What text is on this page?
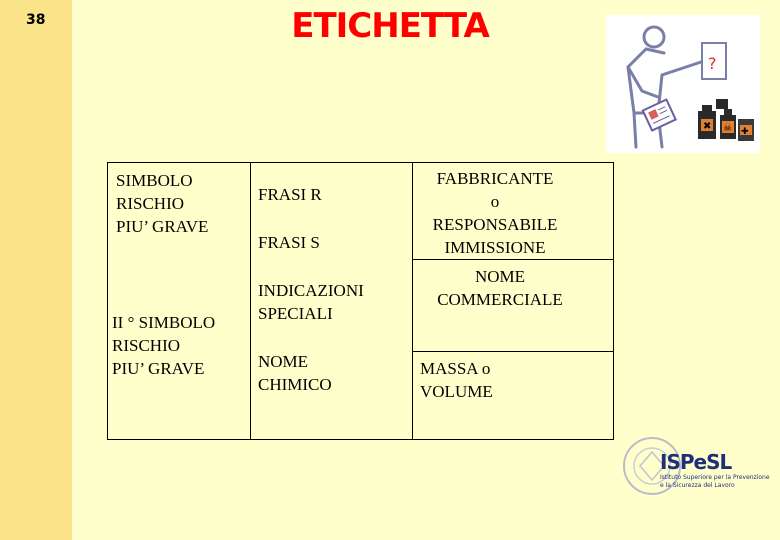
38	ETICHETTA
?
✖ ☠ ✚
SIMBOLO
RISCHIO
PIU’ GRAVE
II ° SIMBOLO
RISCHIO
PIU’ GRAVE
FRASI R
FRASI S
INDICAZIONI
SPECIALI
NOME
CHIMICO
FABBRICANTE
o
RESPONSABILE
IMMISSIONE
NOME
COMMERCIALE
MASSA o
VOLUME
ISPeSL
Istituto Superiore per la Prevenzione e la Sicurezza del Lavoro
